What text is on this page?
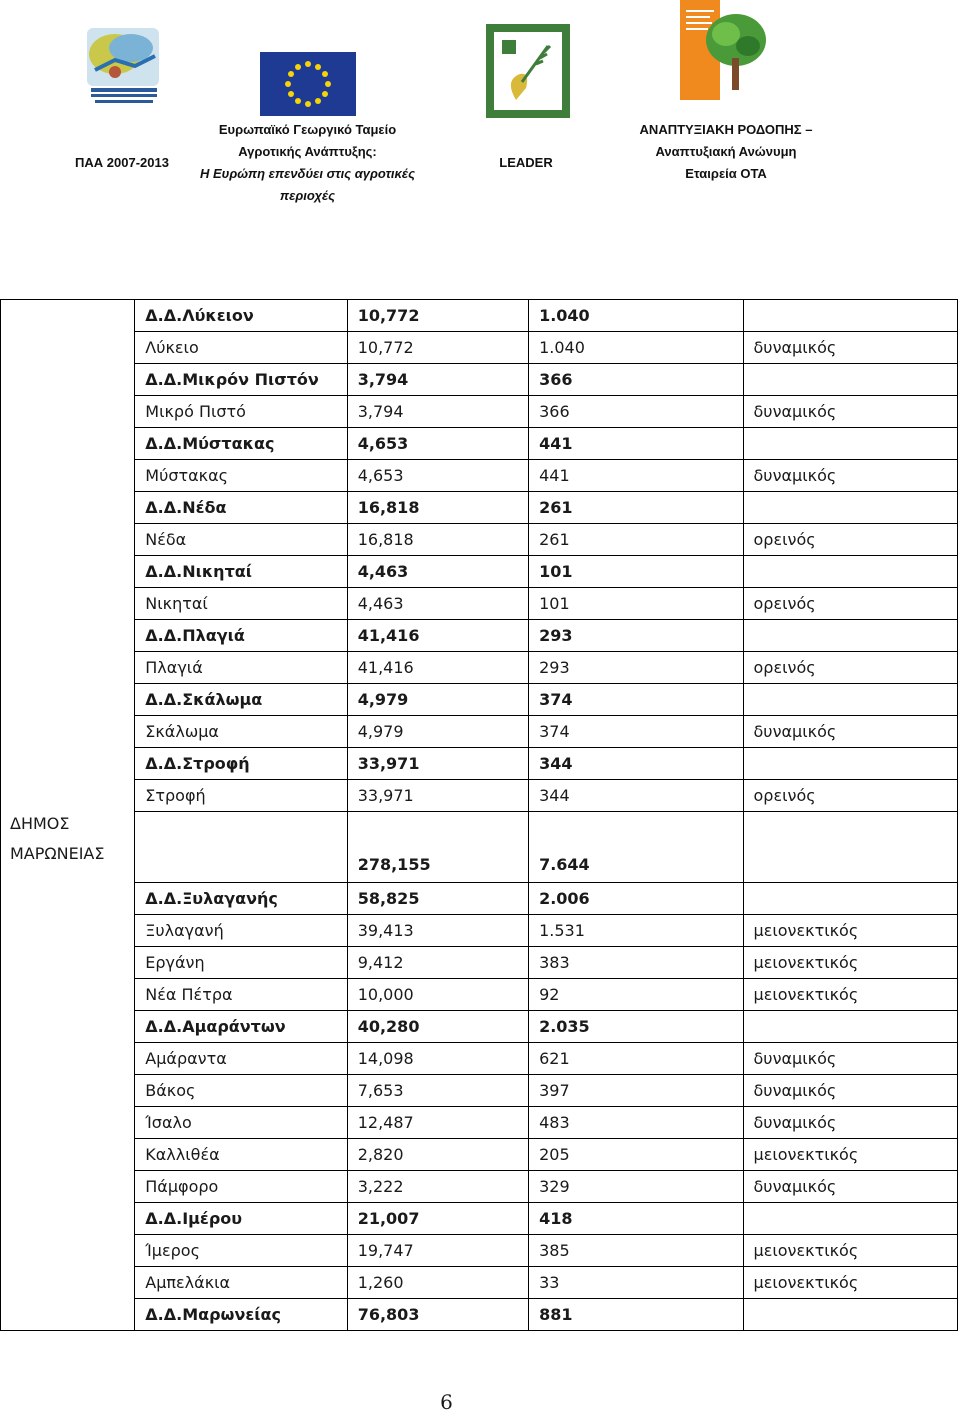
ΠΑΑ 2007-2013
Ευρωπαϊκό Γεωργικό Ταμείο
Αγροτικής Ανάπτυξης:
Η Ευρώπη επενδύει στις αγροτικές
περιοχές
LEADER
ΑΝΑΠΤΥΞΙΑΚΗ ΡΟΔΟΠΗΣ –
Αναπτυξιακή Ανώνυμη
Εταιρεία ΟΤΑ
	Δ.Δ.Λύκειον	10,772	1.040	
	Λύκειο	10,772	1.040	δυναμικός
	Δ.Δ.Μικρόν Πιστόν	3,794	366	
	Μικρό Πιστό	3,794	366	δυναμικός
	Δ.Δ.Μύστακας	4,653	441	
	Μύστακας	4,653	441	δυναμικός
	Δ.Δ.Νέδα	16,818	261	
	Νέδα	16,818	261	ορεινός
	Δ.Δ.Νικηταί	4,463	101	
	Νικηταί	4,463	101	ορεινός
	Δ.Δ.Πλαγιά	41,416	293	
	Πλαγιά	41,416	293	ορεινός
	Δ.Δ.Σκάλωμα	4,979	374	
	Σκάλωμα	4,979	374	δυναμικός
	Δ.Δ.Στροφή	33,971	344	
	Στροφή	33,971	344	ορεινός
		278,155	7.644	
	Δ.Δ.Ξυλαγανής	58,825	2.006	
	Ξυλαγανή	39,413	1.531	μειονεκτικός
	Εργάνη	9,412	383	μειονεκτικός
	Νέα Πέτρα	10,000	92	μειονεκτικός
	Δ.Δ.Αμαράντων	40,280	2.035	
	Αμάραντα	14,098	621	δυναμικός
	Βάκος	7,653	397	δυναμικός
	Ίσαλο	12,487	483	δυναμικός
	Καλλιθέα	2,820	205	μειονεκτικός
	Πάμφορο	3,222	329	δυναμικός
	Δ.Δ.Ιμέρου	21,007	418	
	Ίμερος	19,747	385	μειονεκτικός
	Αμπελάκια	1,260	33	μειονεκτικός
	Δ.Δ.Μαρωνείας	76,803	881	
ΔΗΜΟΣ
ΜΑΡΩΝΕΙΑΣ
6
